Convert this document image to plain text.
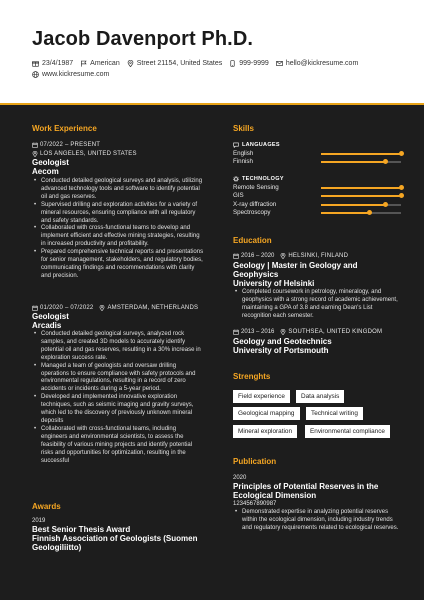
Jacob Davenport Ph.D.
23/4/1987 American Street 21154, United States 999-9999 hello@kickresume.com
www.kickresume.com
Work Experience
07/2022 – PRESENT
LOS ANGELES, UNITED STATES
Geologist
Aecom
• Conducted detailed geological surveys and analysis, utilizing advanced technology tools and software to identify potential oil and gas reserves.
• Supervised drilling and exploration activities for a variety of mineral resources, ensuring compliance with all regulatory and safety standards.
• Collaborated with cross-functional teams to develop and implement efficient and effective mining strategies, resulting in increased productivity and profitability.
• Prepared comprehensive technical reports and presentations for senior management, stakeholders, and regulatory bodies, communicating findings and recommendations with clarity and precision.
01/2020 – 07/2022 AMSTERDAM, NETHERLANDS
Geologist
Arcadis
• Conducted detailed geological surveys, analyzed rock samples, and created 3D models to accurately identify potential oil and gas reserves, resulting in a 30% increase in exploration success rate.
• Managed a team of geologists and oversaw drilling operations to ensure compliance with safety protocols and environmental regulations, resulting in a record of zero accidents or incidents during a 5-year period.
• Developed and implemented innovative exploration techniques, such as seismic imaging and gravity surveys, which led to the discovery of previously unknown mineral deposits
• Collaborated with cross-functional teams, including engineers and environmental scientists, to assess the feasibility of various mining projects and identify potential risks and opportunities for optimization, resulting in the successful
Awards
2019
Best Senior Thesis Award
Finnish Association of Geologists (Suomen Geologiliitto)
Skills
LANGUAGES
English
Finnish
TECHNOLOGY
Remote Sensing
GIS
X-ray diffraction
Spectroscopy
Education
2016 – 2020 HELSINKI, FINLAND
Geology | Master in Geology and Geophysics
University of Helsinki
• Completed coursework in petrology, mineralogy, and geophysics with a strong record of academic achievement, maintaining a GPA of 3.8 and earning Dean's List recognition each semester.
2013 – 2016 SOUTHSEA, UNITED KINGDOM
Geology and Geotechnics
University of Portsmouth
Strenghts
Field experience	Data analysis
Geological mapping	Technical writing
Mineral exploration	Environmental compliance
Publication
2020
Principles of Potential Reserves in the Ecological Dimension
1234567890987
• Demonstrated expertise in analyzing potential reserves within the ecological dimension, including industry trends and regulatory requirements related to ecological reserves.
